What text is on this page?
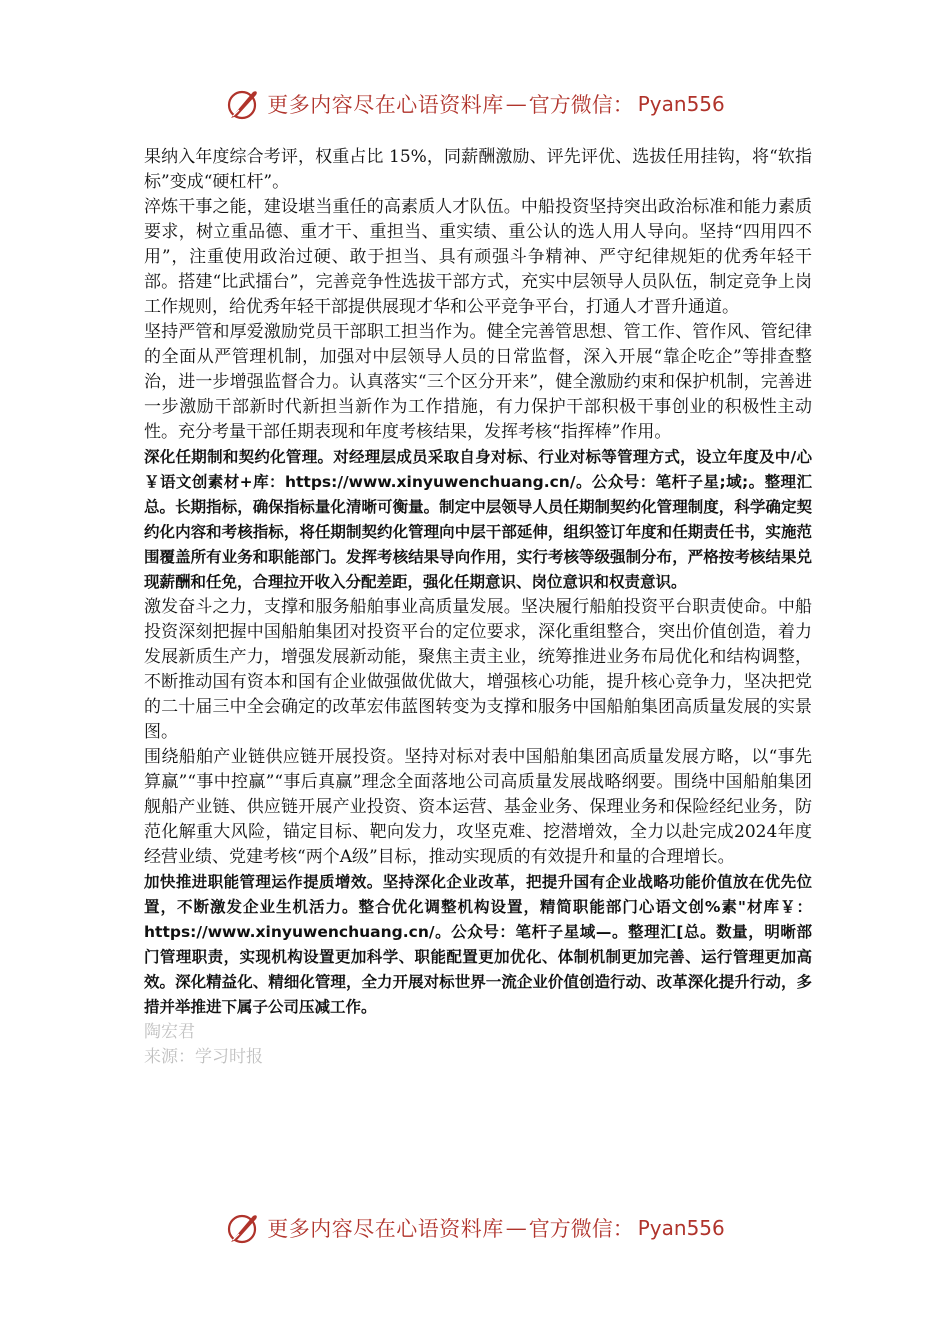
更多内容尽在心语资料库 — 官方微信： Pyan556

果纳入年度综合考评，权重占比 15%，同薪酬激励、评先评优、选拔任用挂钩，将“软指标”变成“硬杠杆”。

淬炼干事之能，建设堪当重任的高素质人才队伍。中船投资坚持突出政治标准和能力素质要求，树立重品德、重才干、重担当、重实绩、重公认的选人用人导向。坚持“四用四不用”，注重使用政治过硬、敢于担当、具有顽强斗争精神、严守纪律规矩的优秀年轻干部。搭建“比武擂台”，完善竞争性选拔干部方式，充实中层领导人员队伍，制定竞争上岗工作规则，给优秀年轻干部提供展现才华和公平竞争平台，打通人才晋升通道。

坚持严管和厚爱激励党员干部职工担当作为。健全完善管思想、管工作、管作风、管纪律的全面从严管理机制，加强对中层领导人员的日常监督，深入开展“靠企吃企”等排查整治，进一步增强监督合力。认真落实“三个区分开来”，健全激励约束和保护机制，完善进一步激励干部新时代新担当新作为工作措施，有力保护干部积极干事创业的积极性主动性。充分考量干部任期表现和年度考核结果，发挥考核“指挥棒”作用。

深化任期制和契约化管理。对经理层成员采取自身对标、行业对标等管理方式，设立年度及中/心￥语文创素材+库：https://www.xinyuwenchuang.cn/。公众号：笔杆子星;域;。整理汇总。长期指标，确保指标量化清晰可衡量。制定中层领导人员任期制契约化管理制度，科学确定契约化内容和考核指标，将任期制契约化管理向中层干部延伸，组织签订年度和任期责任书，实施范围覆盖所有业务和职能部门。发挥考核结果导向作用，实行考核等级强制分布，严格按考核结果兑现薪酬和任免，合理拉开收入分配差距，强化任期意识、岗位意识和权责意识。

激发奋斗之力，支撑和服务船舶事业高质量发展。坚决履行船舶投资平台职责使命。中船投资深刻把握中国船舶集团对投资平台的定位要求，深化重组整合，突出价值创造，着力发展新质生产力，增强发展新动能，聚焦主责主业，统筹推进业务布局优化和结构调整，不断推动国有资本和国有企业做强做优做大，增强核心功能，提升核心竞争力，坚决把党的二十届三中全会确定的改革宏伟蓝图转变为支撑和服务中国船舶集团高质量发展的实景图。

围绕船舶产业链供应链开展投资。坚持对标对表中国船舶集团高质量发展方略，以“事先算赢”“事中控赢”“事后真赢”理念全面落地公司高质量发展战略纲要。围绕中国船舶集团舰船产业链、供应链开展产业投资、资本运营、基金业务、保理业务和保险经纪业务，防范化解重大风险，锚定目标、靶向发力，攻坚克难、挖潜增效，全力以赴完成2024年度经营业绩、党建考核“两个A级”目标，推动实现质的有效提升和量的合理增长。

加快推进职能管理运作提质增效。坚持深化企业改革，把提升国有企业战略功能价值放在优先位置，不断激发企业生机活力。整合优化调整机构设置，精简职能部门心语文创%素"材库￥：https://www.xinyuwenchuang.cn/。公众号：笔杆子星域—。整理汇[总。数量，明晰部门管理职责，实现机构设置更加科学、职能配置更加优化、体制机制更加完善、运行管理更加高效。深化精益化、精细化管理，全力开展对标世界一流企业价值创造行动、改革深化提升行动，多措并举推进下属子公司压减工作。

陶宏君

来源：学习时报

更多内容尽在心语资料库 — 官方微信： Pyan556
